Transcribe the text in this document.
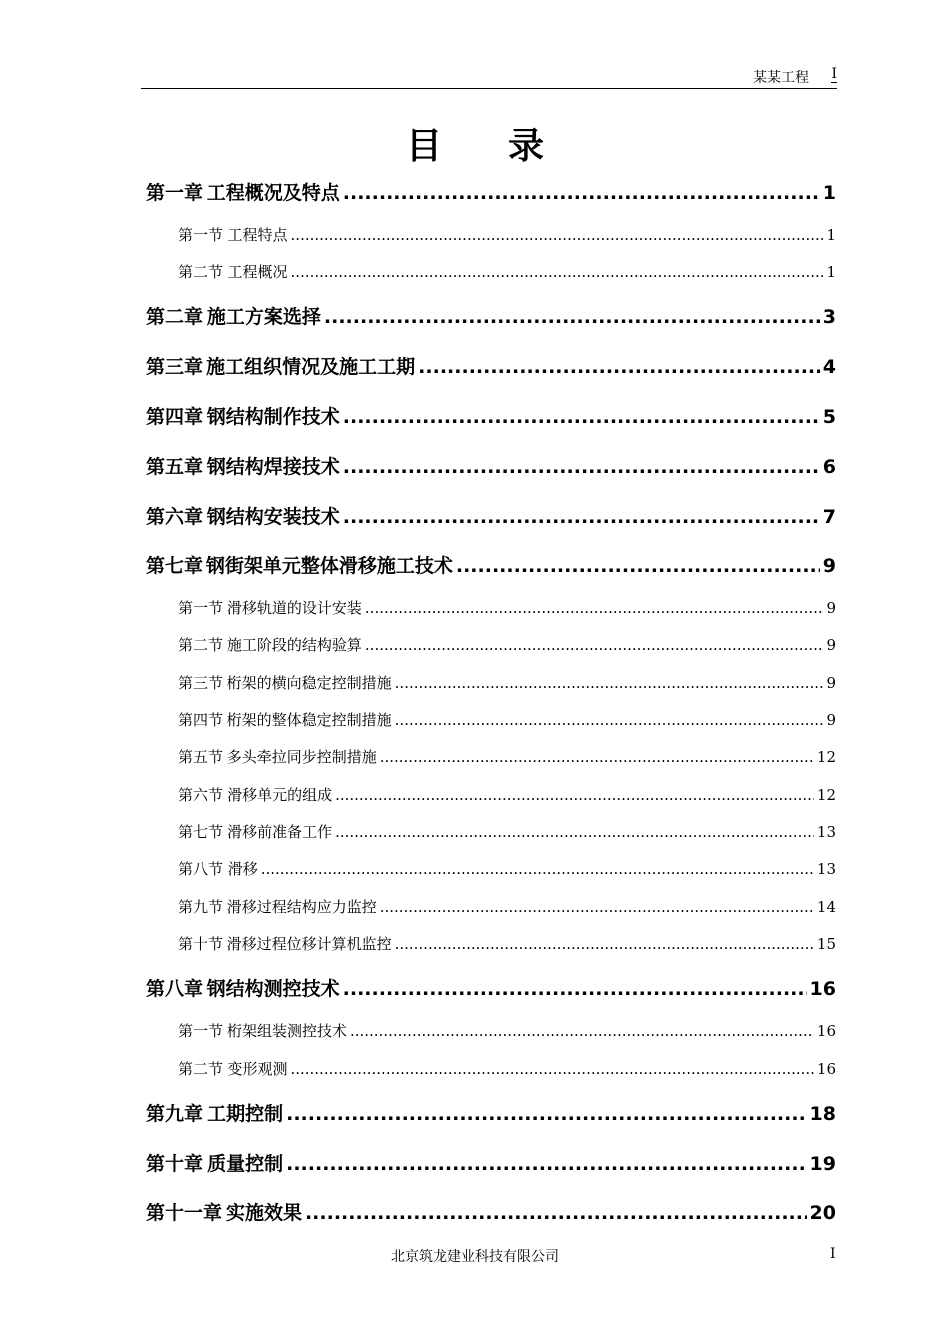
某某工程 I
目录
第一章 工程概况及特点 .....	1
第一节 工程特点 .....	1
第二节 工程概况 .....	1
第二章 施工方案选择 .....	3
第三章 施工组织情况及施工工期 .....	4
第四章 钢结构制作技术 .....	5
第五章 钢结构焊接技术 .....	6
第六章 钢结构安装技术 .....	7
第七章 钢街架单元整体滑移施工技术 .....	9
第一节 滑移轨道的设计安装 .....	9
第二节 施工阶段的结构验算 .....	9
第三节 桁架的横向稳定控制措施 .....	9
第四节 桁架的整体稳定控制措施 .....	9
第五节 多头牵拉同步控制措施 .....	12
第六节 滑移单元的组成 .....	12
第七节 滑移前准备工作 .....	13
第八节 滑移 .....	13
第九节 滑移过程结构应力监控 .....	14
第十节 滑移过程位移计算机监控 .....	15
第八章 钢结构测控技术 .....	16
第一节 桁架组装测控技术 .....	16
第二节 变形观测 .....	16
第九章 工期控制 .....	18
第十章 质量控制 .....	19
第十一章 实施效果 .....	20
北京筑龙建业科技有限公司	I
